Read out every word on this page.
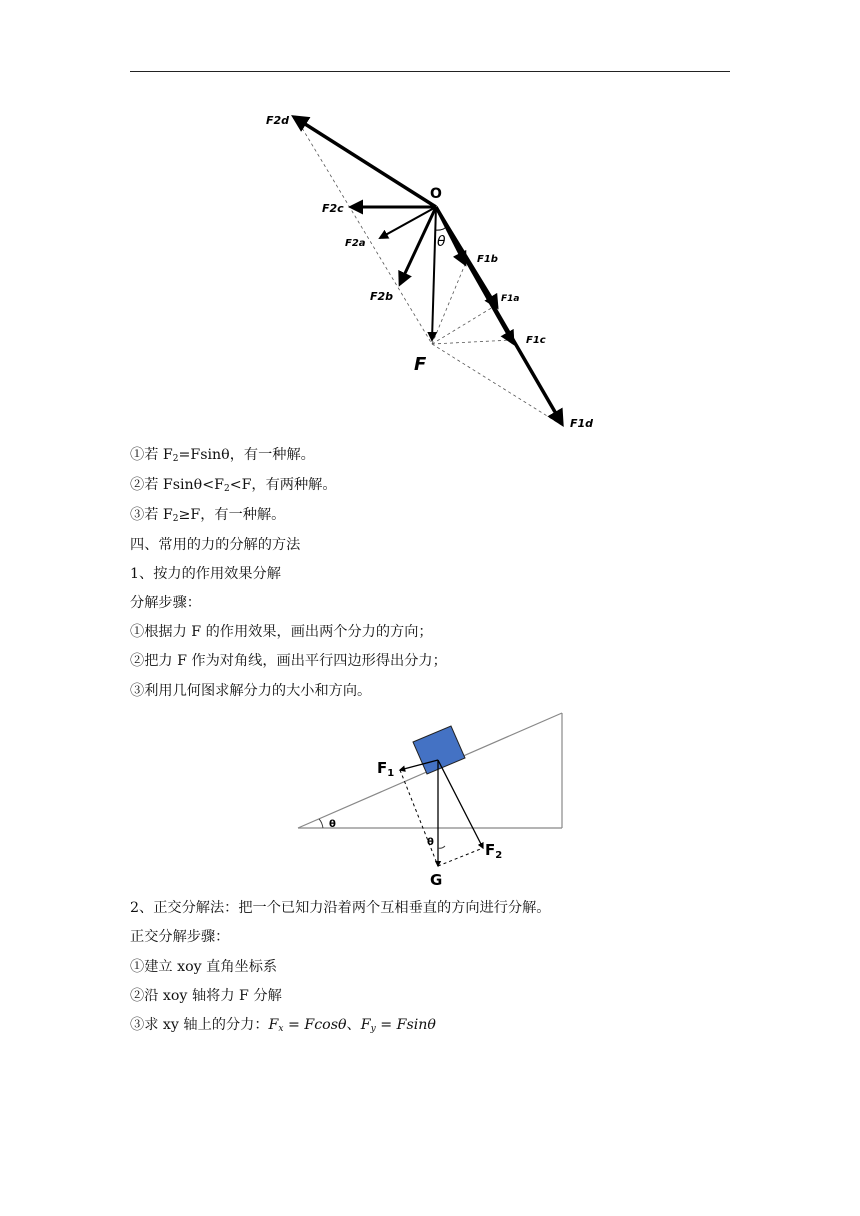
O
θ
F
F2d
F2c
F2a
F2b
F1b
F1a
F1c
F1d
①若 $F_2=Fsin\theta$，有一种解。
②若 $Fsin\theta<F_2<F$，有两种解。
③若 $F_2\ge F$，有一种解。
四、常用的力的分解的方法
1、按力的作用效果分解
分解步骤：
①根据力 F 的作用效果，画出两个分力的方向；
②把力 F 作为对角线，画出平行四边形得出分力；
③利用几何图求解分力的大小和方向。
θ
θ
$F_1$
$F_2$
G
2、正交分解法：把一个已知力沿着两个互相垂直的方向进行分解。
正交分解步骤：
①建立 xoy 直角坐标系
②沿 xoy 轴将力 F 分解
③求 xy 轴上的分力：$F_x = Fcos\theta$、$F_y = Fsin\theta$
